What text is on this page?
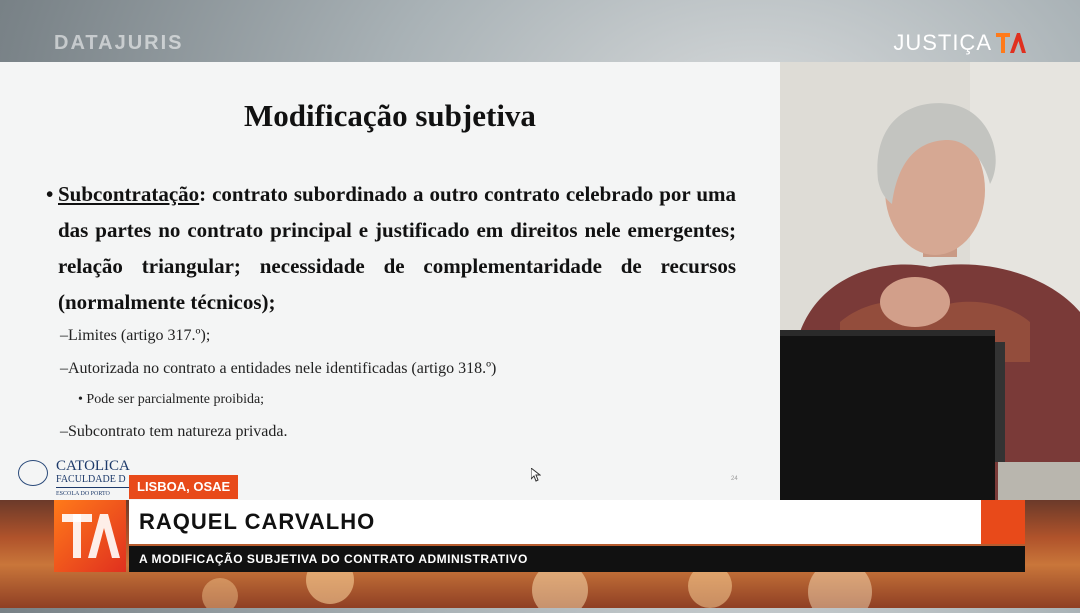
DATAJURIS	JUSTIÇA
Modificação subjetiva
• Subcontratação: contrato subordinado a outro contrato celebrado por uma das partes no contrato principal e justificado em direitos nele emergentes; relação triangular; necessidade de complementaridade de recursos (normalmente técnicos);
–Limites (artigo 317.º);
–Autorizada no contrato a entidades nele identificadas (artigo 318.º)
• Pode ser parcialmente proibida;
–Subcontrato tem natureza privada.
24
CATOLICA
FACULDADE D
ESCOLA DO PORTO	LISBOA, OSAE
RAQUEL CARVALHO
A MODIFICAÇÃO SUBJETIVA DO CONTRATO ADMINISTRATIVO
